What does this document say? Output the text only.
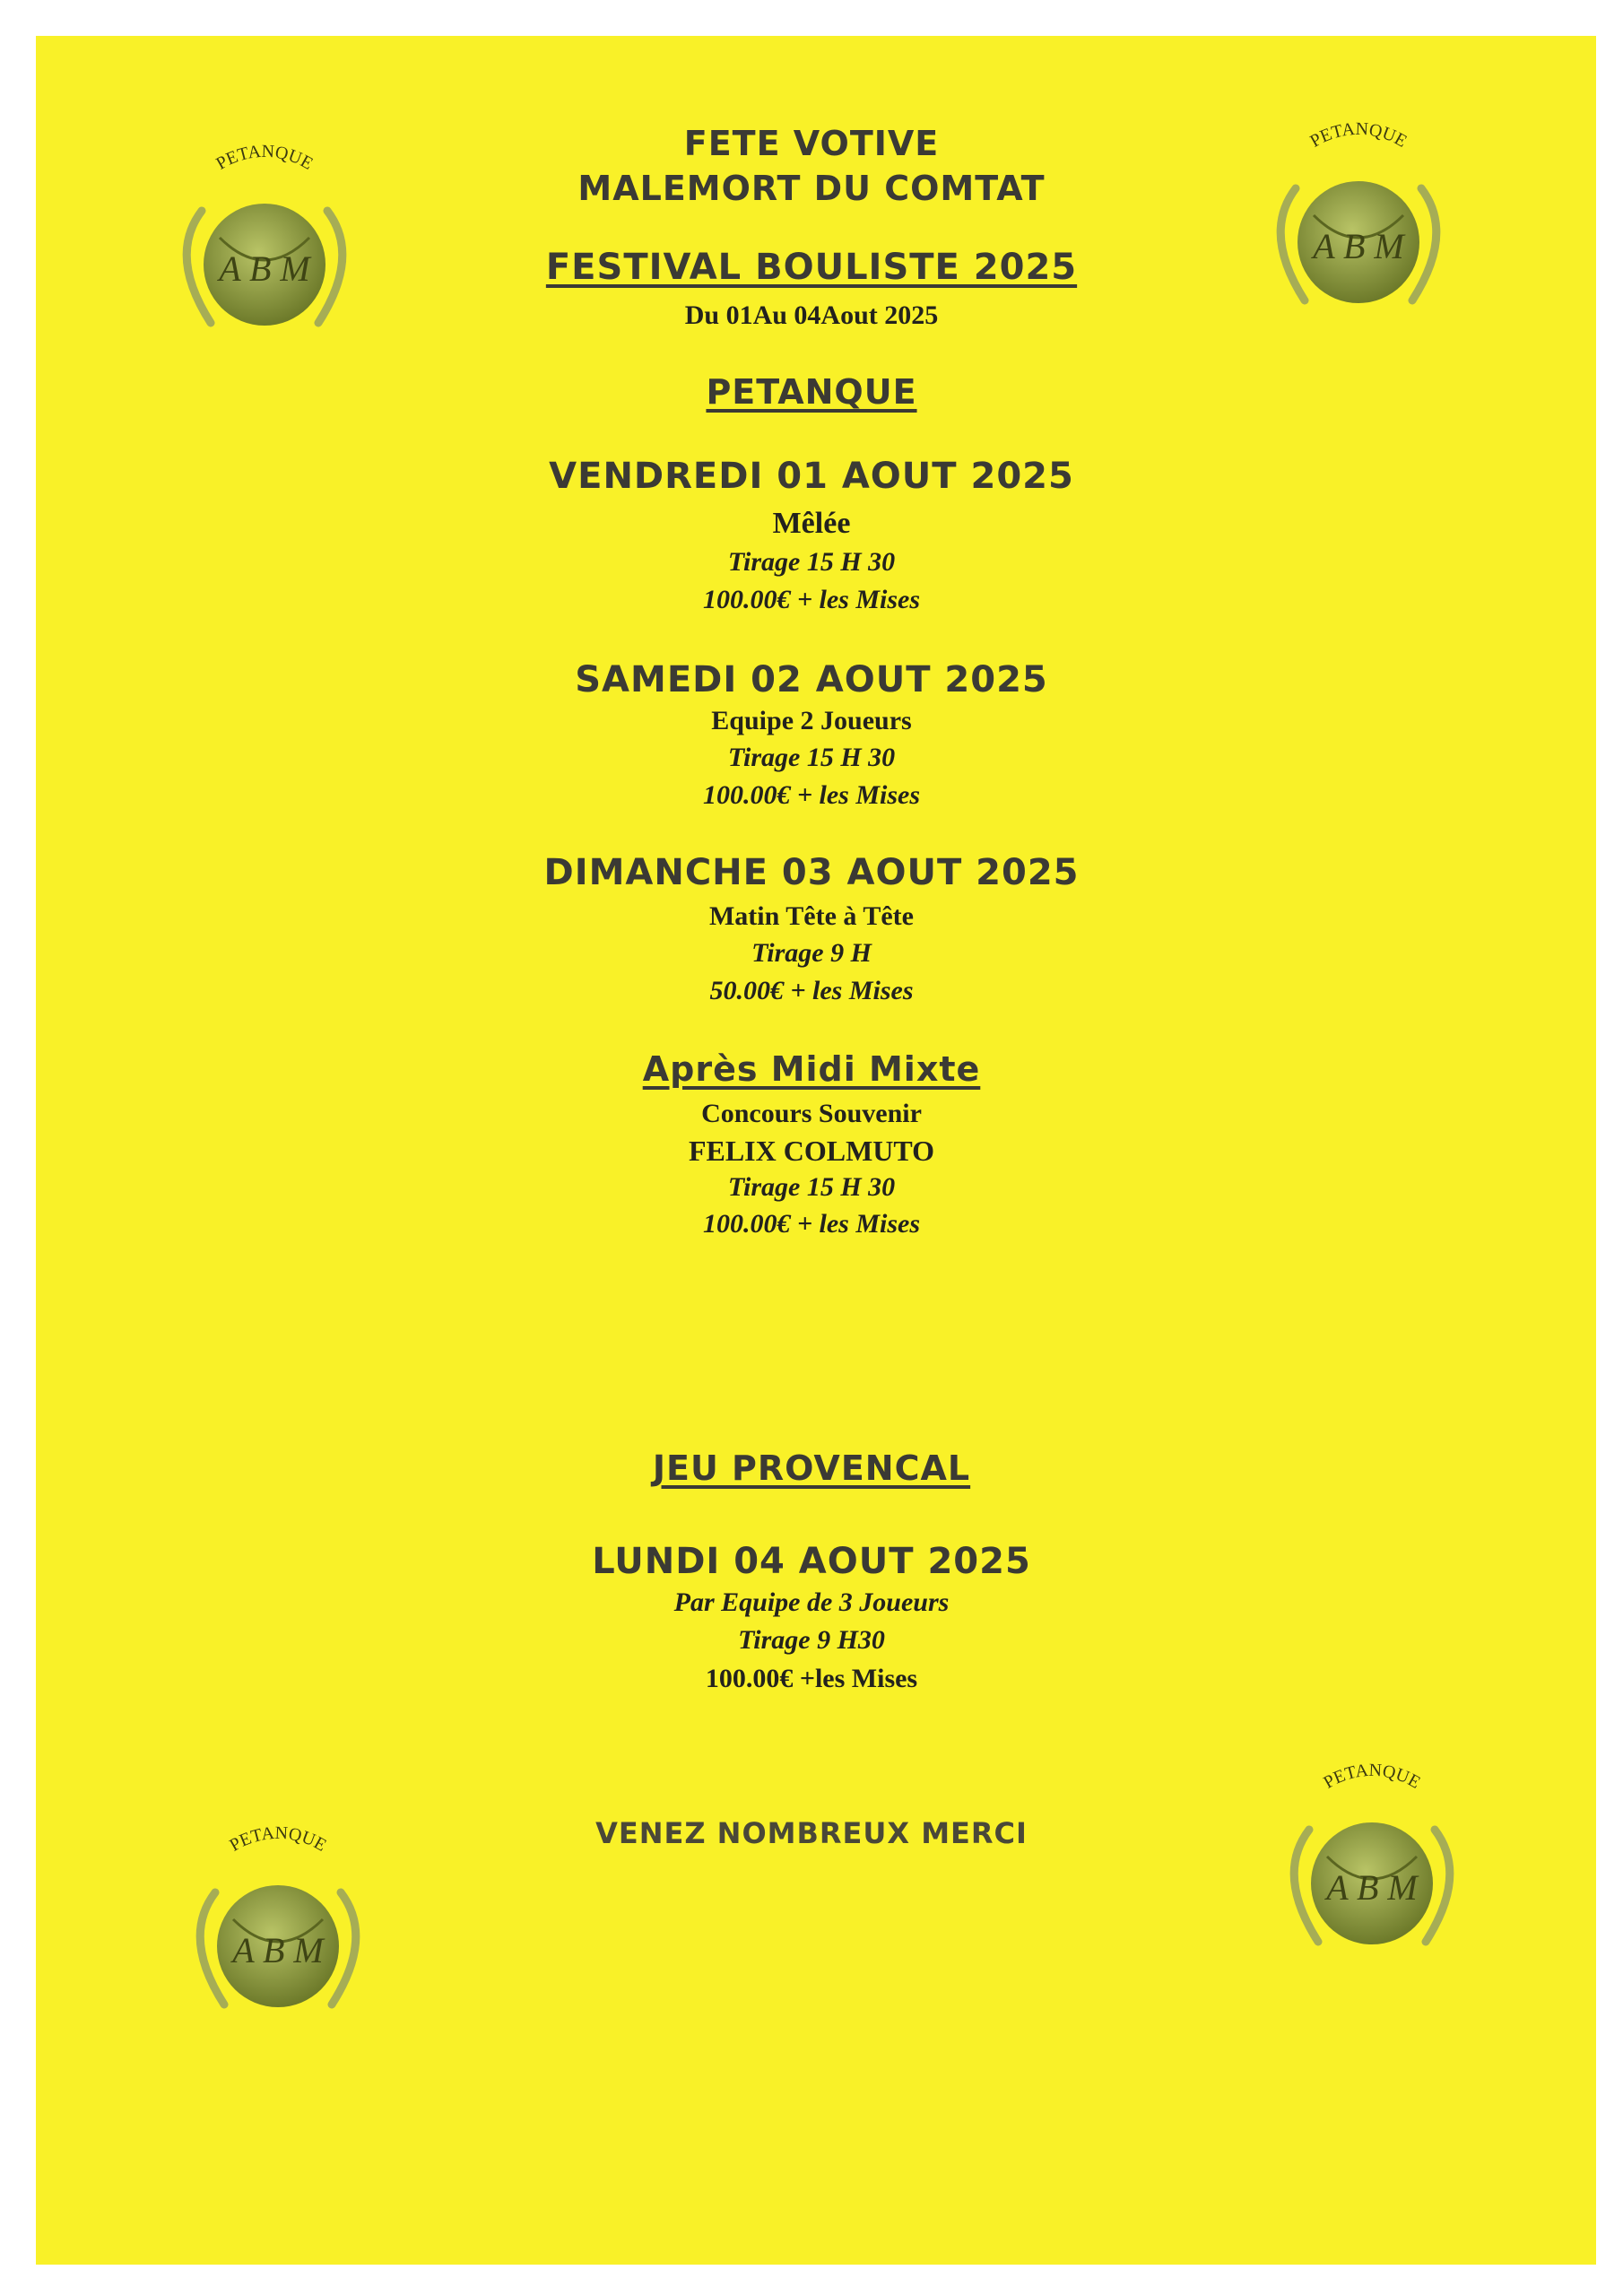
A B M
PETANQUE
A B M
PETANQUE
A B M
PETANQUE
A B M
PETANQUE
FETE VOTIVE
MALEMORT DU COMTAT
FESTIVAL BOULISTE 2025
Du 01Au 04Aout 2025
PETANQUE
VENDREDI 01 AOUT 2025
Mêlée
Tirage 15 H 30
100.00€ + les Mises
SAMEDI 02 AOUT 2025
Equipe 2 Joueurs
Tirage 15 H 30
100.00€ + les Mises
DIMANCHE 03 AOUT 2025
Matin Tête à Tête
Tirage 9 H
50.00€ + les Mises
Après Midi Mixte
Concours Souvenir
FELIX COLMUTO
Tirage 15 H 30
100.00€ + les Mises
JEU PROVENCAL
LUNDI 04 AOUT 2025
Par Equipe de 3 Joueurs
Tirage 9 H30
100.00€ +les Mises
VENEZ NOMBREUX MERCI
